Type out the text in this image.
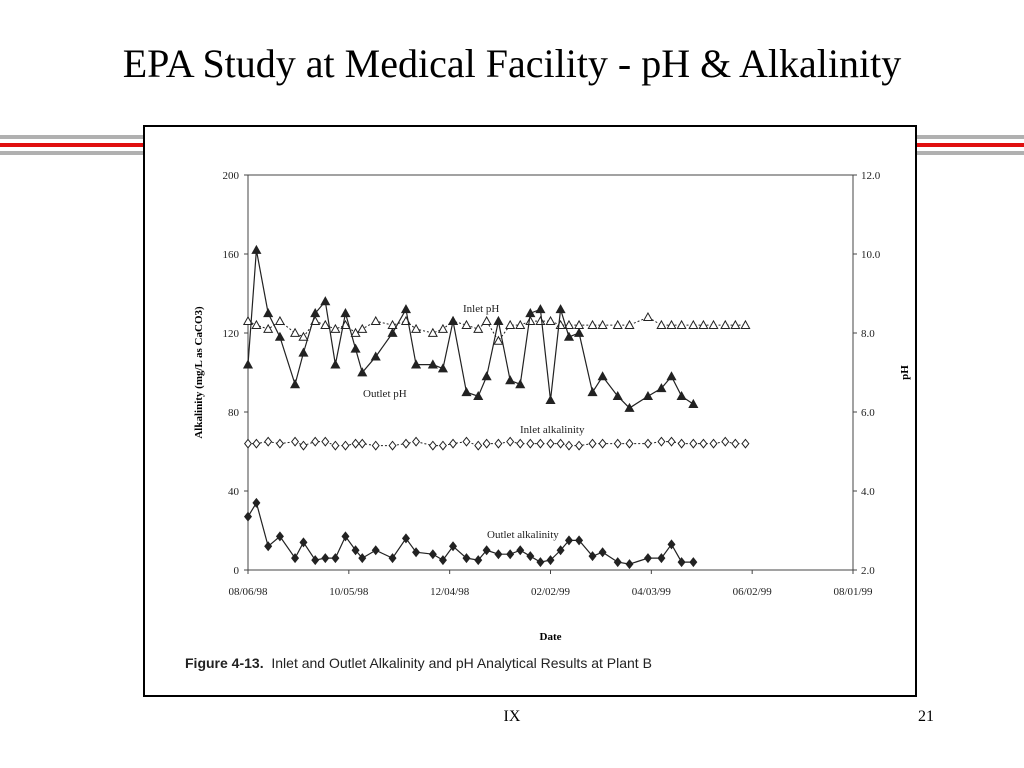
EPA Study at Medical Facility - pH & Alkalinity
0
40
80
120
160
200
2.0
4.0
6.0
8.0
10.0
12.0
08/06/98	10/05/98	12/04/98	02/02/99	04/03/99	06/02/99	08/01/99
Date
Alkalinity (mg/L as CaCO3)	pH
Inlet pH
Outlet pH
Inlet alkalinity
Outlet alkalinity
Figure 4-13. Inlet and Outlet Alkalinity and pH Analytical Results at Plant B
IX	21
